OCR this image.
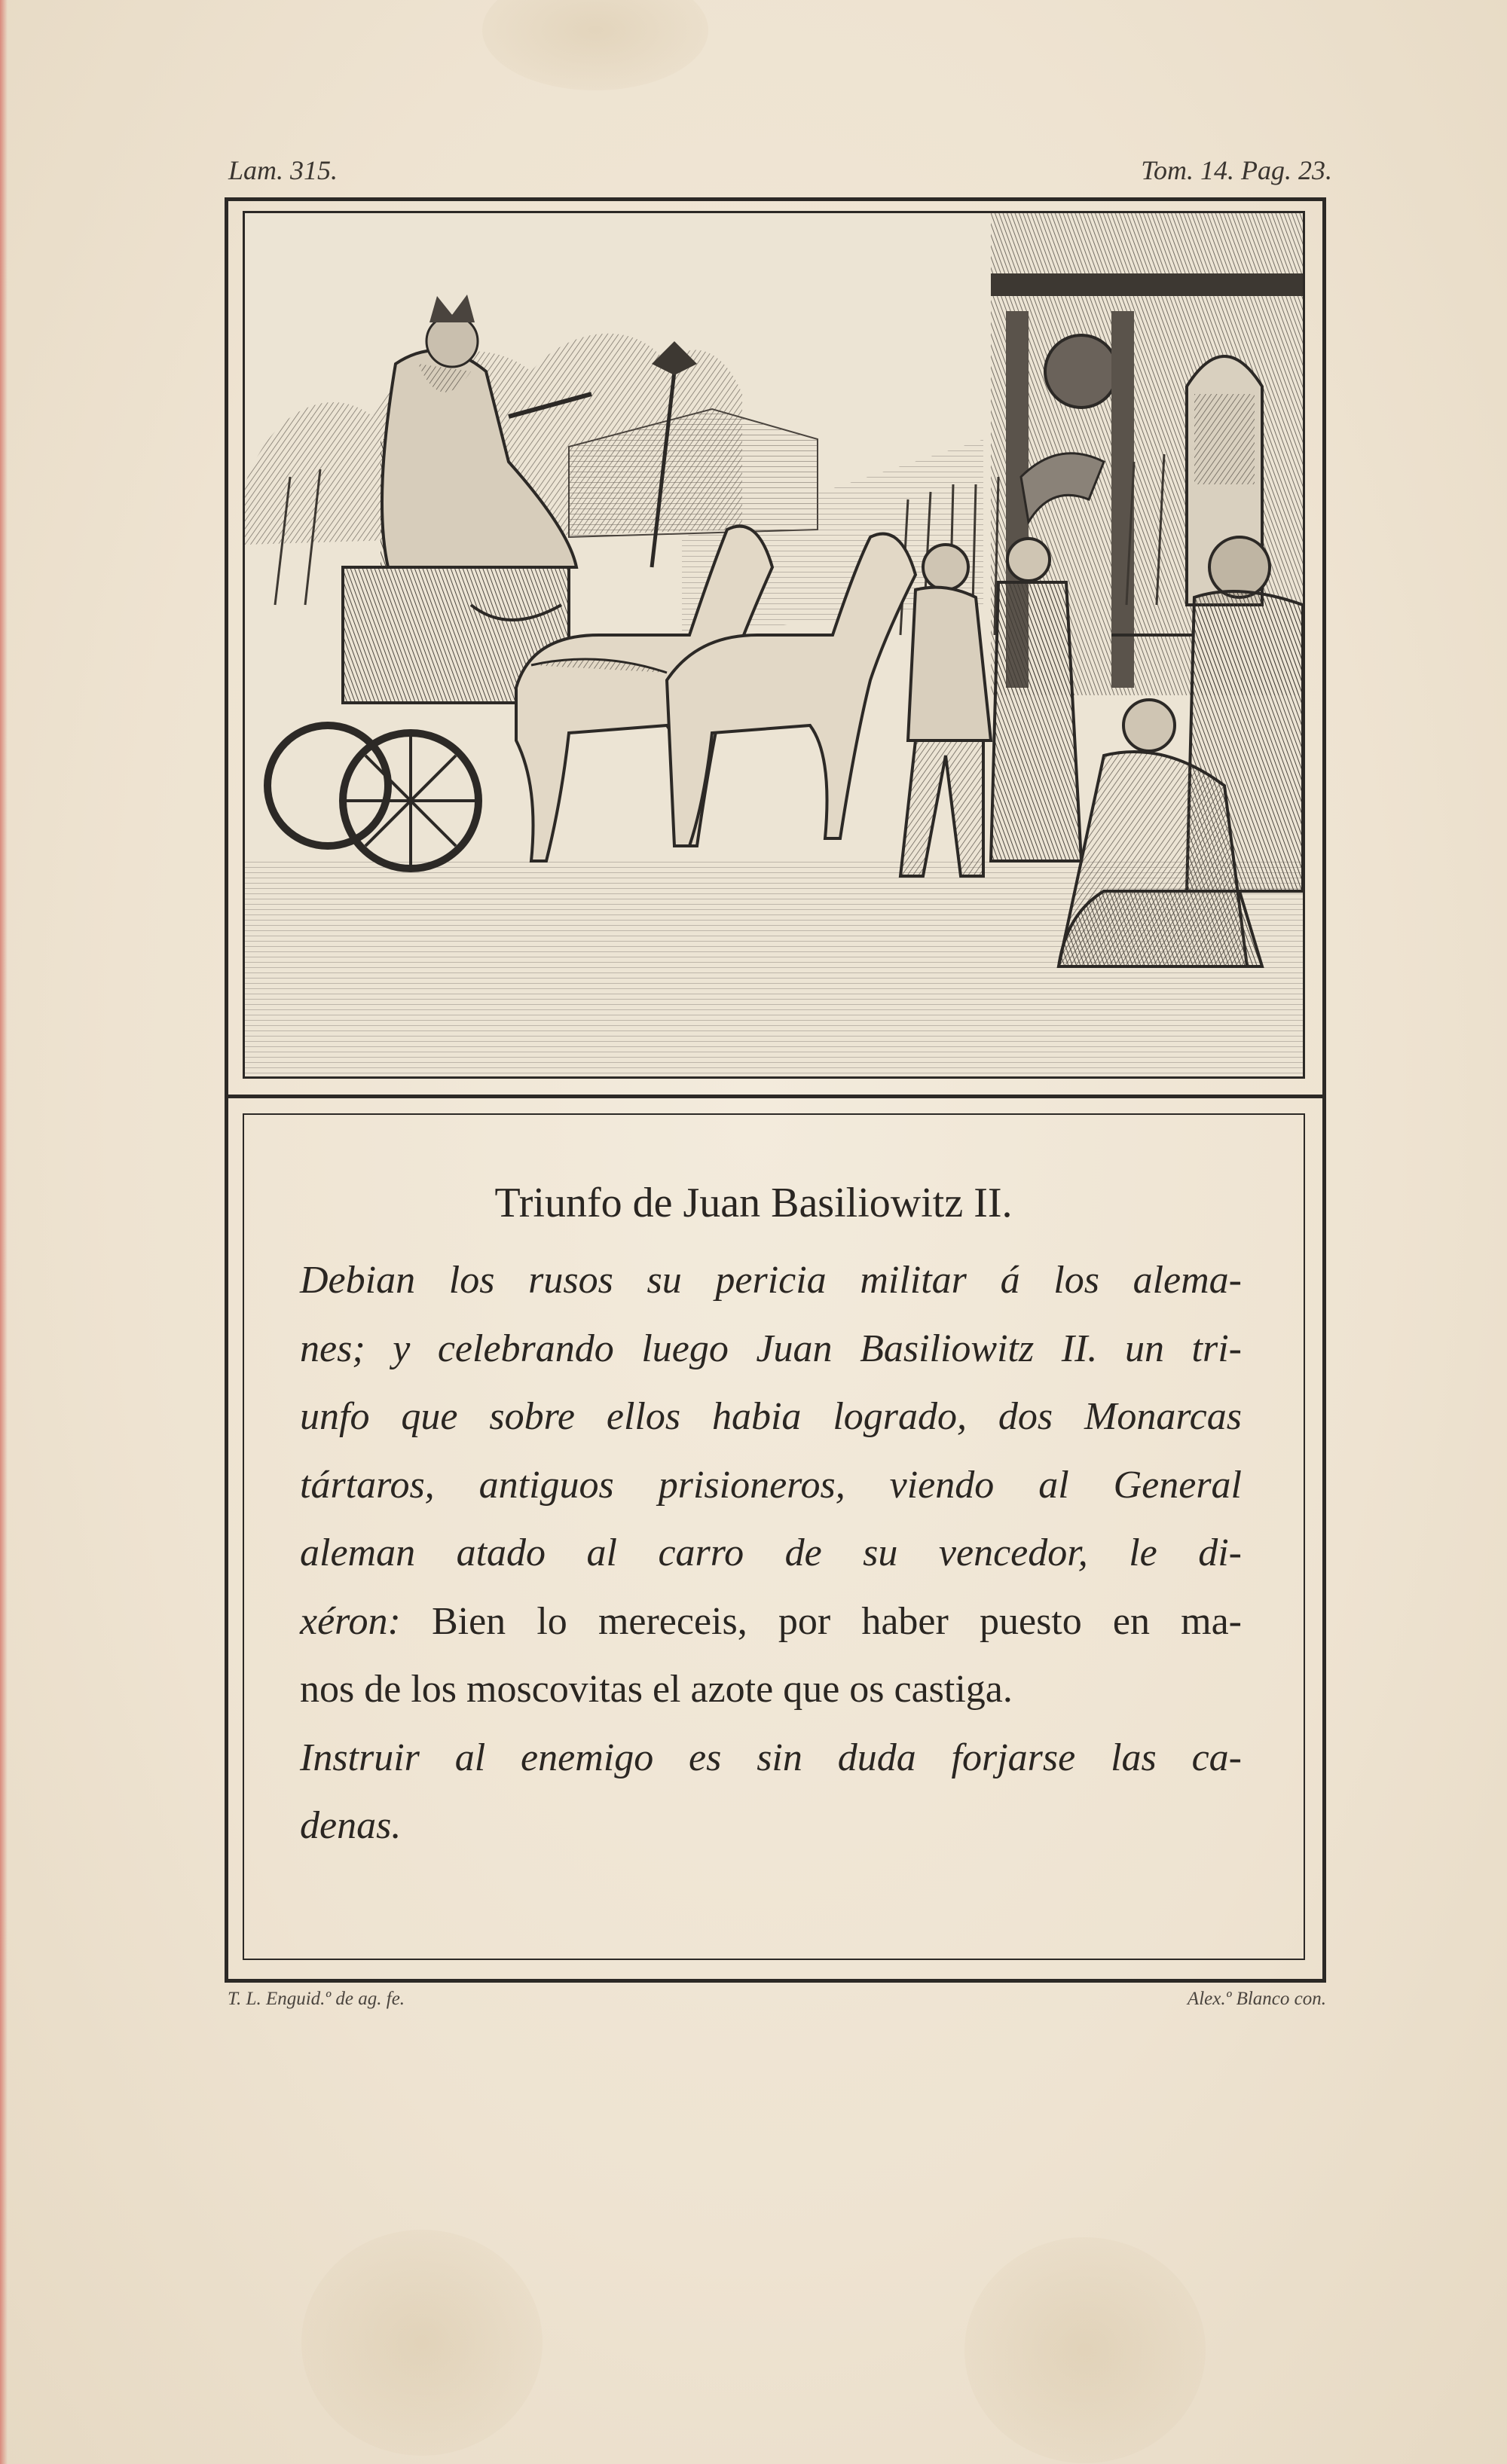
Lam. 315.	Tom. 14. Pag. 23.
Triunfo de Juan Basiliowitz II.
Debian los rusos su pericia militar á los alema-
nes; y celebrando luego Juan Basiliowitz II. un tri-
unfo que sobre ellos habia logrado, dos Monarcas
tártaros, antiguos prisioneros, viendo al General
aleman atado al carro de su vencedor, le di-
xéron: Bien lo mereceis, por haber puesto en ma-
nos de los moscovitas el azote que os castiga.
Instruir al enemigo es sin duda forjarse las ca-
denas.
T. L. Enguid.º de ag. fe.	Alex.º Blanco con.
